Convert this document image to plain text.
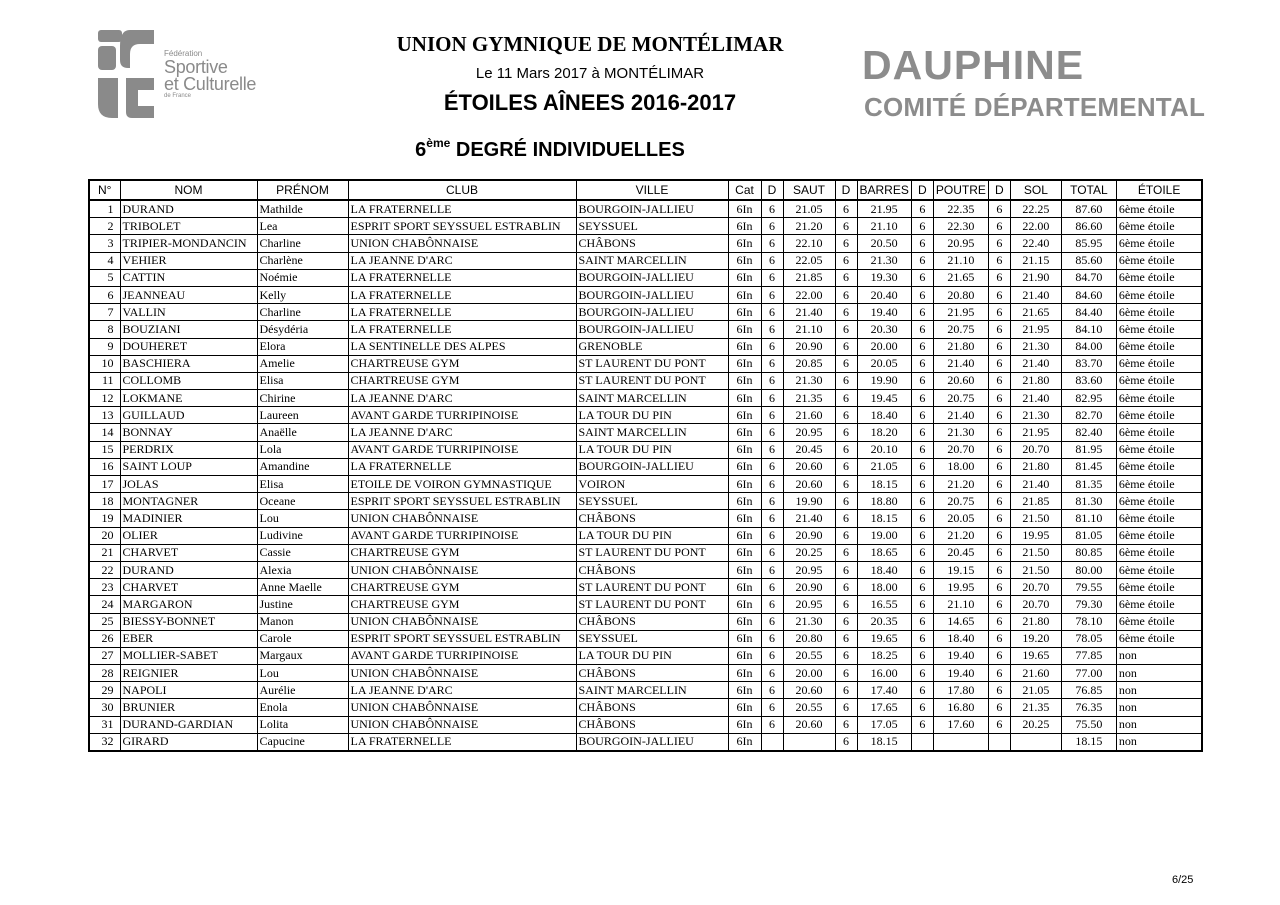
Fédération
Sportive
et Culturelle
de France
UNION GYMNIQUE DE MONTÉLIMAR
Le 11 Mars 2017 à MONTÉLIMAR
ÉTOILES AÎNEES 2016-2017
6ème DEGRÉ INDIVIDUELLES
DAUPHINE
COMITÉ DÉPARTEMENTAL
N°	NOM	PRÉNOM	CLUB	VILLE	Cat	D	SAUT	D	BARRES	D	POUTRE	D	SOL	TOTAL	ÉTOILE
1	DURAND	Mathilde	LA FRATERNELLE	BOURGOIN-JALLIEU	6In	6	21.05	6	21.95	6	22.35	6	22.25	87.60	6ème étoile
2	TRIBOLET	Lea	ESPRIT SPORT SEYSSUEL ESTRABLIN	SEYSSUEL	6In	6	21.20	6	21.10	6	22.30	6	22.00	86.60	6ème étoile
3	TRIPIER-MONDANCIN	Charline	UNION CHABÔNNAISE	CHÂBONS	6In	6	22.10	6	20.50	6	20.95	6	22.40	85.95	6ème étoile
4	VEHIER	Charlène	LA JEANNE D'ARC	SAINT MARCELLIN	6In	6	22.05	6	21.30	6	21.10	6	21.15	85.60	6ème étoile
5	CATTIN	Noémie	LA FRATERNELLE	BOURGOIN-JALLIEU	6In	6	21.85	6	19.30	6	21.65	6	21.90	84.70	6ème étoile
6	JEANNEAU	Kelly	LA FRATERNELLE	BOURGOIN-JALLIEU	6In	6	22.00	6	20.40	6	20.80	6	21.40	84.60	6ème étoile
7	VALLIN	Charline	LA FRATERNELLE	BOURGOIN-JALLIEU	6In	6	21.40	6	19.40	6	21.95	6	21.65	84.40	6ème étoile
8	BOUZIANI	Désydéria	LA FRATERNELLE	BOURGOIN-JALLIEU	6In	6	21.10	6	20.30	6	20.75	6	21.95	84.10	6ème étoile
9	DOUHERET	Elora	LA SENTINELLE DES ALPES	GRENOBLE	6In	6	20.90	6	20.00	6	21.80	6	21.30	84.00	6ème étoile
10	BASCHIERA	Amelie	CHARTREUSE GYM	ST LAURENT DU PONT	6In	6	20.85	6	20.05	6	21.40	6	21.40	83.70	6ème étoile
11	COLLOMB	Elisa	CHARTREUSE GYM	ST LAURENT DU PONT	6In	6	21.30	6	19.90	6	20.60	6	21.80	83.60	6ème étoile
12	LOKMANE	Chirine	LA JEANNE D'ARC	SAINT MARCELLIN	6In	6	21.35	6	19.45	6	20.75	6	21.40	82.95	6ème étoile
13	GUILLAUD	Laureen	AVANT GARDE TURRIPINOISE	LA TOUR DU PIN	6In	6	21.60	6	18.40	6	21.40	6	21.30	82.70	6ème étoile
14	BONNAY	Anaëlle	LA JEANNE D'ARC	SAINT MARCELLIN	6In	6	20.95	6	18.20	6	21.30	6	21.95	82.40	6ème étoile
15	PERDRIX	Lola	AVANT GARDE TURRIPINOISE	LA TOUR DU PIN	6In	6	20.45	6	20.10	6	20.70	6	20.70	81.95	6ème étoile
16	SAINT LOUP	Amandine	LA FRATERNELLE	BOURGOIN-JALLIEU	6In	6	20.60	6	21.05	6	18.00	6	21.80	81.45	6ème étoile
17	JOLAS	Elisa	ETOILE DE VOIRON GYMNASTIQUE	VOIRON	6In	6	20.60	6	18.15	6	21.20	6	21.40	81.35	6ème étoile
18	MONTAGNER	Oceane	ESPRIT SPORT SEYSSUEL ESTRABLIN	SEYSSUEL	6In	6	19.90	6	18.80	6	20.75	6	21.85	81.30	6ème étoile
19	MADINIER	Lou	UNION CHABÔNNAISE	CHÂBONS	6In	6	21.40	6	18.15	6	20.05	6	21.50	81.10	6ème étoile
20	OLIER	Ludivine	AVANT GARDE TURRIPINOISE	LA TOUR DU PIN	6In	6	20.90	6	19.00	6	21.20	6	19.95	81.05	6ème étoile
21	CHARVET	Cassie	CHARTREUSE GYM	ST LAURENT DU PONT	6In	6	20.25	6	18.65	6	20.45	6	21.50	80.85	6ème étoile
22	DURAND	Alexia	UNION CHABÔNNAISE	CHÂBONS	6In	6	20.95	6	18.40	6	19.15	6	21.50	80.00	6ème étoile
23	CHARVET	Anne Maelle	CHARTREUSE GYM	ST LAURENT DU PONT	6In	6	20.90	6	18.00	6	19.95	6	20.70	79.55	6ème étoile
24	MARGARON	Justine	CHARTREUSE GYM	ST LAURENT DU PONT	6In	6	20.95	6	16.55	6	21.10	6	20.70	79.30	6ème étoile
25	BIESSY-BONNET	Manon	UNION CHABÔNNAISE	CHÂBONS	6In	6	21.30	6	20.35	6	14.65	6	21.80	78.10	6ème étoile
26	EBER	Carole	ESPRIT SPORT SEYSSUEL ESTRABLIN	SEYSSUEL	6In	6	20.80	6	19.65	6	18.40	6	19.20	78.05	6ème étoile
27	MOLLIER-SABET	Margaux	AVANT GARDE TURRIPINOISE	LA TOUR DU PIN	6In	6	20.55	6	18.25	6	19.40	6	19.65	77.85	non
28	REIGNIER	Lou	UNION CHABÔNNAISE	CHÂBONS	6In	6	20.00	6	16.00	6	19.40	6	21.60	77.00	non
29	NAPOLI	Aurélie	LA JEANNE D'ARC	SAINT MARCELLIN	6In	6	20.60	6	17.40	6	17.80	6	21.05	76.85	non
30	BRUNIER	Enola	UNION CHABÔNNAISE	CHÂBONS	6In	6	20.55	6	17.65	6	16.80	6	21.35	76.35	non
31	DURAND-GARDIAN	Lolita	UNION CHABÔNNAISE	CHÂBONS	6In	6	20.60	6	17.05	6	17.60	6	20.25	75.50	non
32	GIRARD	Capucine	LA FRATERNELLE	BOURGOIN-JALLIEU	6In			6	18.15					18.15	non
6/25
